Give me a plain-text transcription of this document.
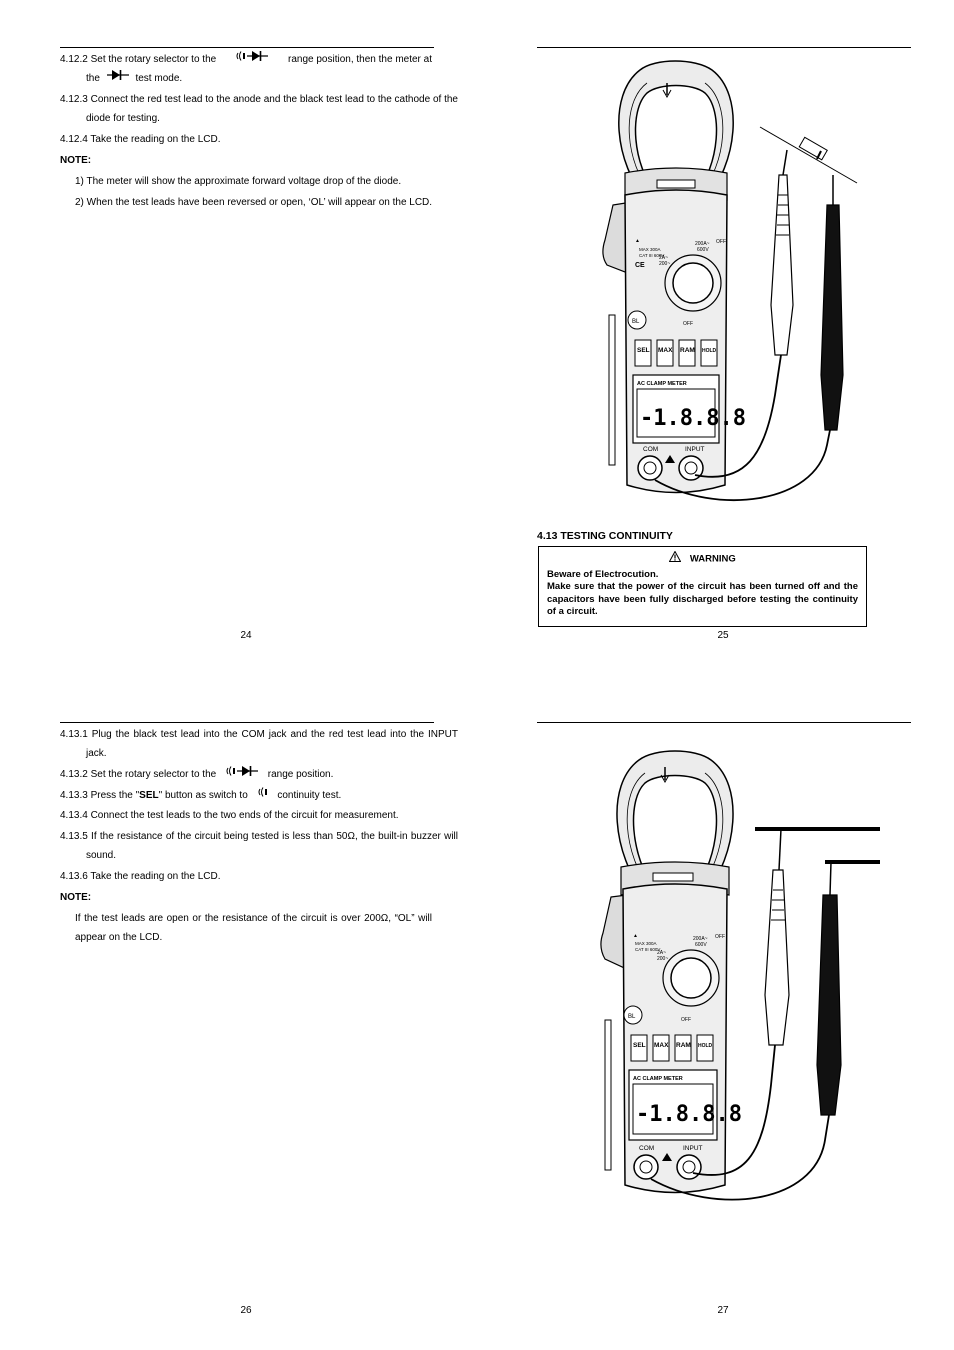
4.12.2 Set the rotary selector to the	range position, then the meter at
the	test mode.
4.12.3 Connect the red test lead to the anode and the black test lead to the cathode of the diode for testing.
4.12.4 Take the reading on the LCD.
NOTE:
1) The meter will show the approximate forward voltage drop of the diode.
2) When the test leads have been reversed or open, ‘OL’ will appear on the LCD.
24
▲
MAX 300A
CAT III 600V
CE
200A~
600V
OFF
2A~
200~
OFF
BL
SEL MAX RAM HOLD
AC CLAMP METER
-1.8.8.8
COM	INPUT
4.13 TESTING CONTINUITY
WARNING
Beware of Electrocution.
Make sure that the power of the circuit has been turned off and the capacitors have been fully discharged before testing the continuity of a circuit.
25
4.13.1 Plug the black test lead into the COM jack and the red test lead into the INPUT jack.
4.13.2 Set the rotary selector to the	range position.
4.13.3 Press the "SEL" button as switch to	continuity test.
4.13.4 Connect the test leads to the two ends of the circuit for measurement.
4.13.5 If the resistance of the circuit being tested is less than 50Ω, the built-in buzzer will sound.
4.13.6 Take the reading on the LCD.
NOTE:
If the test leads are open or the resistance of the circuit is over 200Ω, “OL” will appear on the LCD.
26
▲
MAX 300A
CAT III 600V
200A~
600V
OFF
2A~
200~
OFF
BL
SEL MAX RAM HOLD
AC CLAMP METER
-1.8.8.8
COM	INPUT
27
